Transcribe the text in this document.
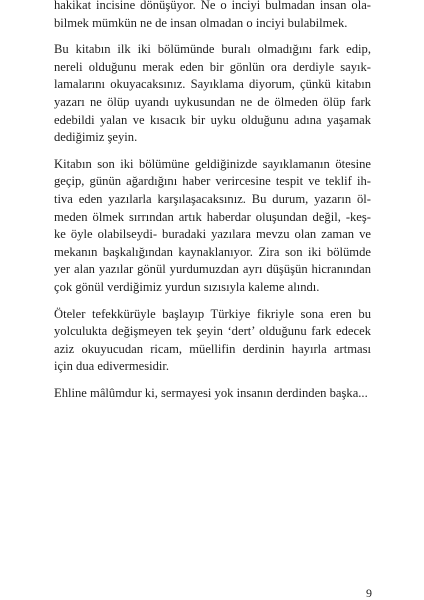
hakikat incisine dönüşüyor. Ne o inciyi bulmadan insan ola-
bilmek mümkün ne de insan olmadan o inciyi bulabilmek.

Bu kitabın ilk iki bölümünde buralı olmadığını fark edip,
nereli olduğunu merak eden bir gönlün ora derdiyle sayık-
lamalarını okuyacaksınız. Sayıklama diyorum, çünkü kitabın
yazarı ne ölüp uyandı uykusundan ne de ölmeden ölüp fark
edebildi yalan ve kısacık bir uyku olduğunu adına yaşamak
dediğimiz şeyin.

Kitabın son iki bölümüne geldiğinizde sayıklamanın ötesine
geçip, günün ağardığını haber verircesine tespit ve teklif ih-
tiva eden yazılarla karşılaşacaksınız. Bu durum, yazarın öl-
meden ölmek sırrından artık haberdar oluşundan değil, -keş-
ke öyle olabilseydi- buradaki yazılara mevzu olan zaman ve
mekanın başkalığından kaynaklanıyor. Zira son iki bölümde
yer alan yazılar gönül yurdumuzdan ayrı düşüşün hicranından
çok gönül verdiğimiz yurdun sızısıyla kaleme alındı.

Öteler tefekkürüyle başlayıp Türkiye fikriyle sona eren bu
yolculukta değişmeyen tek şeyin ‘dert’ olduğunu fark edecek
aziz okuyucudan ricam, müellifin derdinin hayırla artması
için dua edivermesidir.

Ehline mâlûmdur ki, sermayesi yok insanın derdinden başka...

9
